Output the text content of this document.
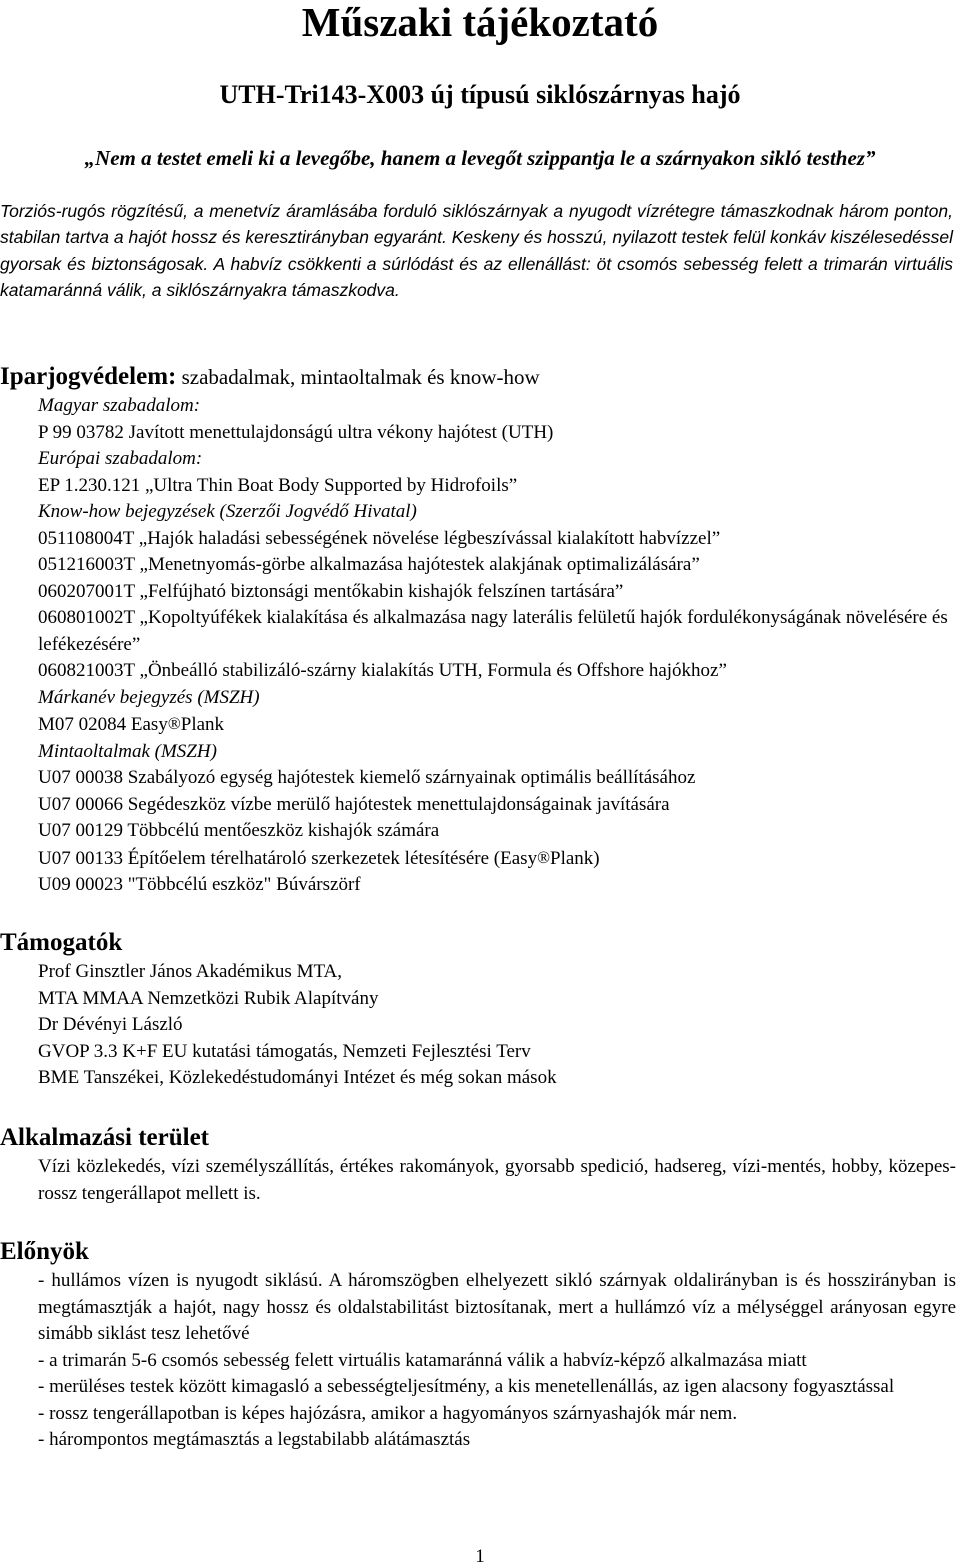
Műszaki tájékoztató
UTH-Tri143-X003 új típusú siklószárnyas hajó

„Nem a testet emeli ki a levegőbe, hanem a levegőt szippantja le a szárnyakon sikló testhez”

Torziós-rugós rögzítésű, a menetvíz áramlásába forduló siklószárnyak a nyugodt vízrétegre támaszkodnak három ponton, stabilan tartva a hajót hossz és keresztirányban egyaránt. Keskeny és hosszú, nyilazott testek felül konkáv kiszélesedéssel gyorsak és biztonságosak. A habvíz csökkenti a súrlódást és az ellenállást: öt csomós sebesség felett a trimarán virtuális katamaránná válik, a siklószárnyakra támaszkodva.

Iparjogvédelem: szabadalmak, mintaoltalmak és know-how
Magyar szabadalom:
P 99 03782 Javított menettulajdonságú ultra vékony hajótest (UTH)
Európai szabadalom:
EP 1.230.121 „Ultra Thin Boat Body Supported by Hidrofoils”
Know-how bejegyzések (Szerzői Jogvédő Hivatal)
051108004T „Hajók haladási sebességének növelése légbeszívással kialakított habvízzel”
051216003T „Menetnyomás-görbe alkalmazása hajótestek alakjának optimalizálására”
060207001T „Felfújható biztonsági mentőkabin kishajók felszínen tartására”
060801002T „Kopoltyúfékek kialakítása és alkalmazása nagy laterális felületű hajók fordulékonyságának növelésére és lefékezésére”
060821003T „Önbeálló stabilizáló-szárny kialakítás UTH, Formula és Offshore hajókhoz”
Márkanév bejegyzés (MSZH)
M07 02084 Easy®Plank
Mintaoltalmak (MSZH)
U07 00038 Szabályozó egység hajótestek kiemelő szárnyainak optimális beállításához
U07 00066 Segédeszköz vízbe merülő hajótestek menettulajdonságainak javítására
U07 00129 Többcélú mentőeszköz kishajók számára
U07 00133 Építőelem térelhatároló szerkezetek létesítésére (Easy®Plank)
U09 00023 "Többcélú eszköz" Búvárszörf
Támogatók
Prof Ginsztler János Akadémikus MTA,
MTA MMAA Nemzetközi Rubik Alapítvány
Dr Dévényi László
GVOP 3.3 K+F EU kutatási támogatás, Nemzeti Fejlesztési Terv
BME Tanszékei, Közlekedéstudományi Intézet és még sokan mások
Alkalmazási terület

Vízi közlekedés, vízi személyszállítás, értékes rakományok, gyorsabb spedició, hadsereg, vízi-mentés, hobby, közepes-rossz tengerállapot mellett is.

Előnyök
- hullámos vízen is nyugodt siklású. A háromszögben elhelyezett sikló szárnyak oldalirányban is és hosszirányban is megtámasztják a hajót, nagy hossz és oldalstabilitást biztosítanak, mert a hullámzó víz a mélységgel arányosan egyre simább siklást tesz lehetővé
- a trimarán 5-6 csomós sebesség felett virtuális katamaránná válik a habvíz-képző alkalmazása miatt
- merüléses testek között kimagasló a sebességteljesítmény, a kis menetellenállás, az igen alacsony fogyasztással
- rossz tengerállapotban is képes hajózásra, amikor a hagyományos szárnyashajók már nem.
- hárompontos megtámasztás a legstabilabb alátámasztás
1
